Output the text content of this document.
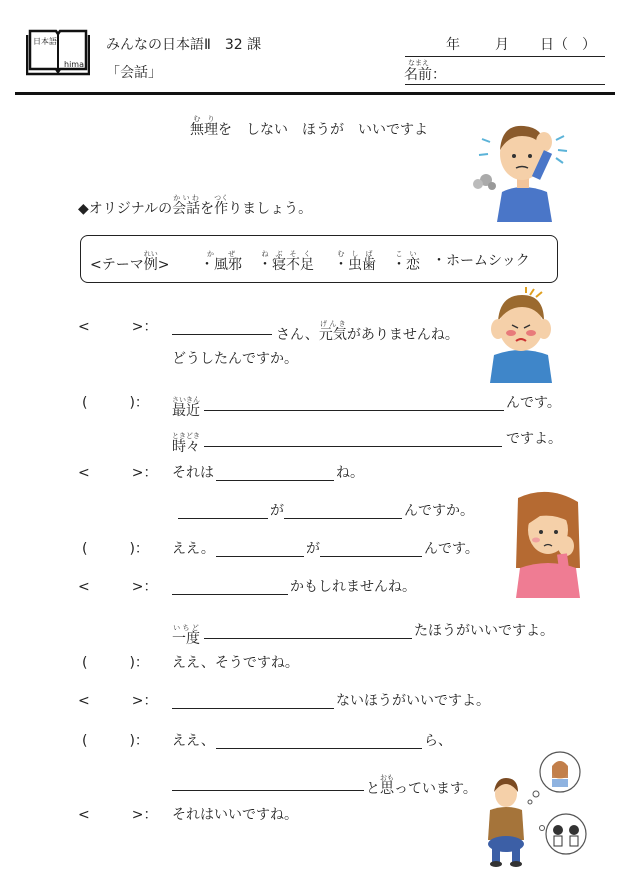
日本語
hima
みんなの日本語Ⅱ　32 課
「会話」
年	月 日（　）
なまえ
名前：
無理むりを　しない　ほうが　いいですよ
◆オリジナルの会話かいわを作つくりましょう。
<テーマ例れい> ・風邪かぜ
・寝不足ねぶそく
・虫歯むしば
・恋こい ・ホームシック
<　　　>：	さん、元気げんきがありませんね。
どうしたんですか。
(　　　)： 最近さいきん	んです。
時々ときどき	ですよ。
<　　　>： それは	ね。
が	んですか。
(　　　)： ええ。	が	んです。
<　　　>：	かもしれませんね。
一度いちど	たほうがいいですよ。
(　　　)： ええ、そうですね。
<　　　>：	ないほうがいいですよ。
(　　　)： ええ、	ら、
と思おもっています。
<　　　>： それはいいですね。
